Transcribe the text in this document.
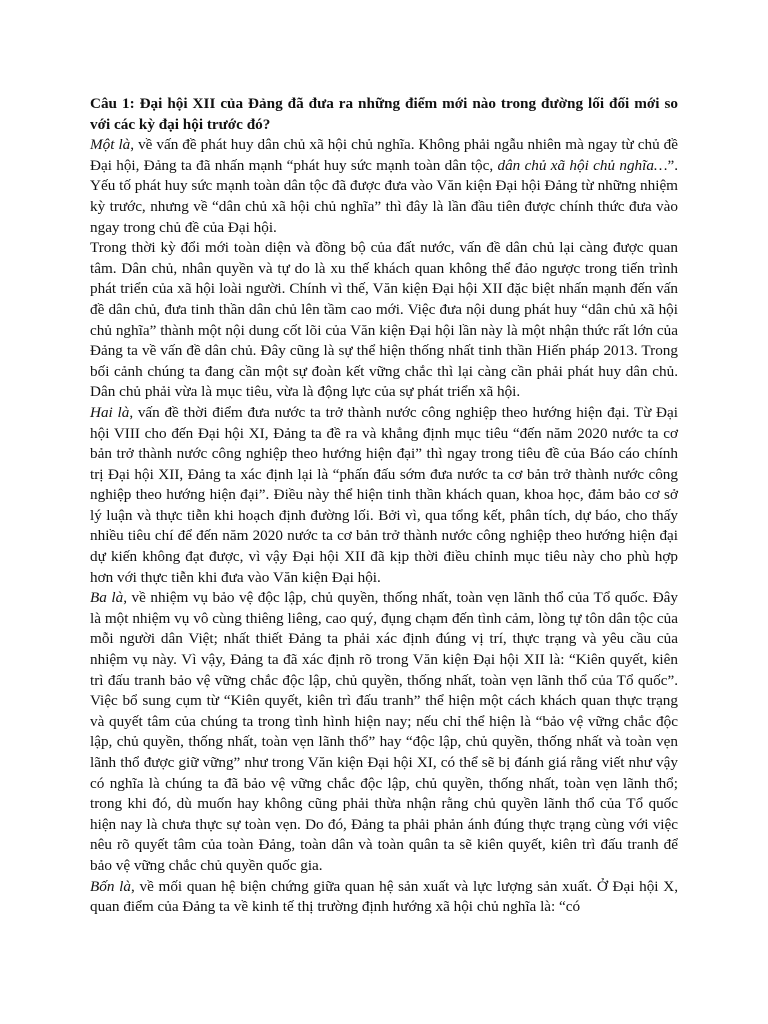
Câu 1: Đại hội XII của Đảng đã đưa ra những điểm mới nào trong đường lối đối mới so với các kỳ đại hội trước đó?

Một là, về vấn đề phát huy dân chủ xã hội chủ nghĩa. Không phải ngẫu nhiên mà ngay từ chủ đề Đại hội, Đảng ta đã nhấn mạnh “phát huy sức mạnh toàn dân tộc, dân chủ xã hội chủ nghĩa…”. Yếu tố phát huy sức mạnh toàn dân tộc đã được đưa vào Văn kiện Đại hội Đảng từ những nhiệm kỳ trước, nhưng về “dân chủ xã hội chủ nghĩa” thì đây là lần đầu tiên được chính thức đưa vào ngay trong chủ đề của Đại hội.

Trong thời kỳ đổi mới toàn diện và đồng bộ của đất nước, vấn đề dân chủ lại càng được quan tâm. Dân chủ, nhân quyền và tự do là xu thế khách quan không thể đảo ngược trong tiến trình phát triển của xã hội loài người. Chính vì thế, Văn kiện Đại hội XII đặc biệt nhấn mạnh đến vấn đề dân chủ, đưa tinh thần dân chủ lên tầm cao mới. Việc đưa nội dung phát huy “dân chủ xã hội chủ nghĩa” thành một nội dung cốt lõi của Văn kiện Đại hội lần này là một nhận thức rất lớn của Đảng ta về vấn đề dân chủ. Đây cũng là sự thể hiện thống nhất tinh thần Hiến pháp 2013. Trong bối cảnh chúng ta đang cần một sự đoàn kết vững chắc thì lại càng cần phải phát huy dân chủ. Dân chủ phải vừa là mục tiêu, vừa là động lực của sự phát triển xã hội.

Hai là, vấn đề thời điểm đưa nước ta trở thành nước công nghiệp theo hướng hiện đại. Từ Đại hội VIII cho đến Đại hội XI, Đảng ta đề ra và khẳng định mục tiêu “đến năm 2020 nước ta cơ bản trở thành nước công nghiệp theo hướng hiện đại” thì ngay trong tiêu đề của Báo cáo chính trị Đại hội XII, Đảng ta xác định lại là “phấn đấu sớm đưa nước ta cơ bản trở thành nước công nghiệp theo hướng hiện đại”. Điều này thể hiện tinh thần khách quan, khoa học, đảm bảo cơ sở lý luận và thực tiễn khi hoạch định đường lối. Bởi vì, qua tổng kết, phân tích, dự báo, cho thấy nhiều tiêu chí để đến năm 2020 nước ta cơ bản trở thành nước công nghiệp theo hướng hiện đại dự kiến không đạt được, vì vậy Đại hội XII đã kịp thời điều chỉnh mục tiêu này cho phù hợp hơn với thực tiễn khi đưa vào Văn kiện Đại hội.

Ba là, về nhiệm vụ bảo vệ độc lập, chủ quyền, thống nhất, toàn vẹn lãnh thổ của Tổ quốc. Đây là một nhiệm vụ vô cùng thiêng liêng, cao quý, đụng chạm đến tình cảm, lòng tự tôn dân tộc của mỗi người dân Việt; nhất thiết Đảng ta phải xác định đúng vị trí, thực trạng và yêu cầu của nhiệm vụ này. Vì vậy, Đảng ta đã xác định rõ trong Văn kiện Đại hội XII là: “Kiên quyết, kiên trì đấu tranh bảo vệ vững chắc độc lập, chủ quyền, thống nhất, toàn vẹn lãnh thổ của Tổ quốc”. Việc bổ sung cụm từ “Kiên quyết, kiên trì đấu tranh” thể hiện một cách khách quan thực trạng và quyết tâm của chúng ta trong tình hình hiện nay; nếu chỉ thể hiện là “bảo vệ vững chắc độc lập, chủ quyền, thống nhất, toàn vẹn lãnh thổ” hay “độc lập, chủ quyền, thống nhất và toàn vẹn lãnh thổ được giữ vững” như trong Văn kiện Đại hội XI, có thể sẽ bị đánh giá rằng viết như vậy có nghĩa là chúng ta đã bảo vệ vững chắc độc lập, chủ quyền, thống nhất, toàn vẹn lãnh thổ; trong khi đó, dù muốn hay không cũng phải thừa nhận rằng chủ quyền lãnh thổ của Tổ quốc hiện nay là chưa thực sự toàn vẹn. Do đó, Đảng ta phải phản ánh đúng thực trạng cùng với việc nêu rõ quyết tâm của toàn Đảng, toàn dân và toàn quân ta sẽ kiên quyết, kiên trì đấu tranh để bảo vệ vững chắc chủ quyền quốc gia.

Bốn là, về mối quan hệ biện chứng giữa quan hệ sản xuất và lực lượng sản xuất. Ở Đại hội X, quan điểm của Đảng ta về kinh tế thị trường định hướng xã hội chủ nghĩa là: “có
